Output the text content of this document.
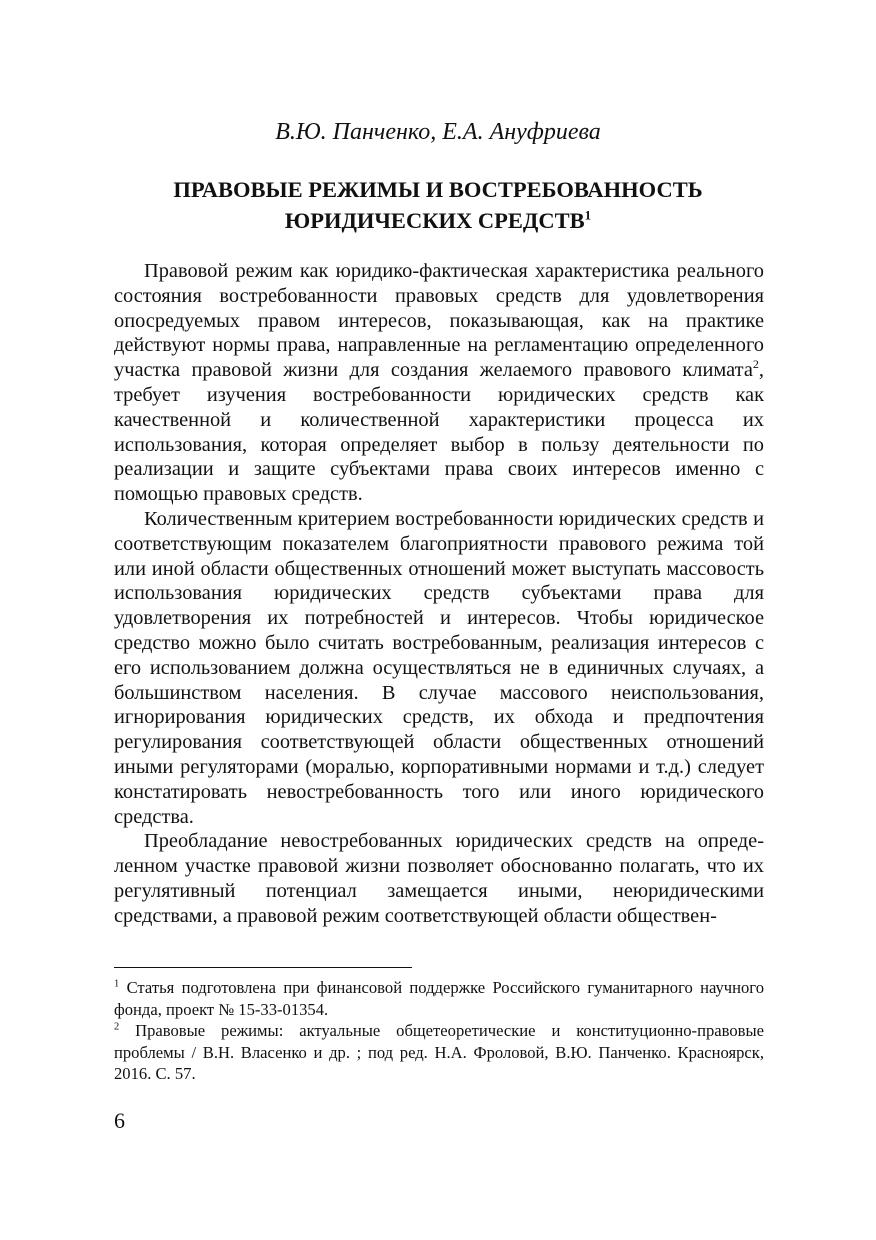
В.Ю. Панченко, Е.А. Ануфриева
ПРАВОВЫЕ РЕЖИМЫ И ВОСТРЕБОВАННОСТЬ
ЮРИДИЧЕСКИХ СРЕДСТВ$^1$

Правовой режим как юридико-фактическая характеристика реального состояния востребованности правовых средств для удовлетворения опосредуемых правом интересов, показывающая, как на практике действуют нормы права, направленные на регламентацию определенного участка правовой жизни для создания желаемого правового климата$^2$, требует изучения востребованности юридических средств как качественной и количественной характеристики процесса их использования, которая определяет выбор в пользу деятельности по реализации и защите субъектами права своих интересов именно с помощью правовых средств.

Количественным критерием востребованности юридических средств и соответствующим показателем благоприятности правового режима той или иной области общественных отношений может выступать массовость использования юридических средств субъектами права для удовлетворения их потребностей и интересов. Чтобы юридическое средство можно было считать востребованным, реализация интересов с его использованием должна осуществляться не в единичных случаях, а большинством населения. В случае массового неиспользования, игнорирования юридических средств, их обхода и предпочтения регулирования соответствующей области общественных отношений иными регуляторами (моралью, корпоративными нормами и т.д.) следует констатировать невостребованность того или иного юридического средства.

Преобладание невостребованных юридических средств на определенном участке правовой жизни позволяет обоснованно полагать, что их регулятивный потенциал замещается иными, неюридическими средствами, а правовой режим соответствующей области обществен-

$^1$ Статья подготовлена при финансовой поддержке Российского гуманитарного научного фонда, проект № 15-33-01354.

$^2$ Правовые режимы: актуальные общетеоретические и конституционно-правовые проблемы / В.Н. Власенко и др. ; под ред. Н.А. Фроловой, В.Ю. Панченко. Красноярск, 2016. С. 57.

6
